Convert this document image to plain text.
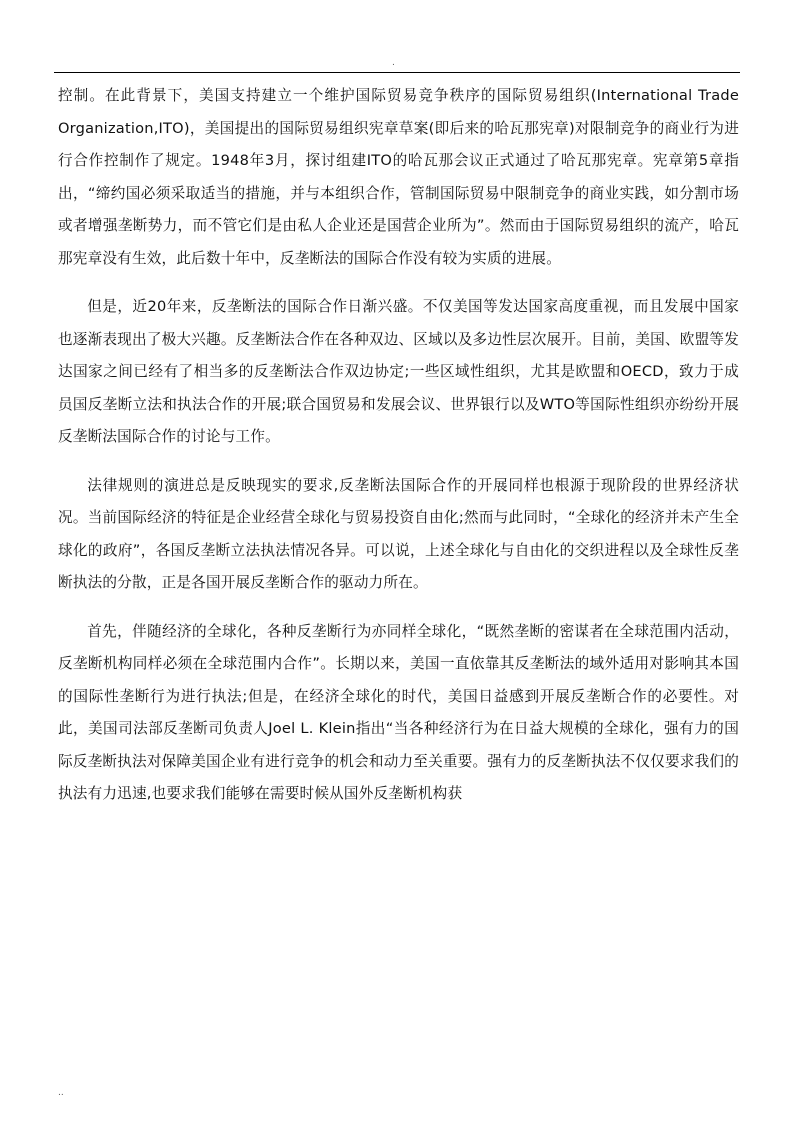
.

控制。在此背景下，美国支持建立一个维护国际贸易竞争秩序的国际贸易组织(International Trade Organization,ITO)，美国提出的国际贸易组织宪章草案(即后来的哈瓦那宪章)对限制竞争的商业行为进行合作控制作了规定。1948年3月，探讨组建ITO的哈瓦那会议正式通过了哈瓦那宪章。宪章第5章指出，“缔约国必须采取适当的措施，并与本组织合作，管制国际贸易中限制竞争的商业实践，如分割市场或者增强垄断势力，而不管它们是由私人企业还是国营企业所为”。然而由于国际贸易组织的流产，哈瓦那宪章没有生效，此后数十年中，反垄断法的国际合作没有较为实质的进展。

但是，近20年来，反垄断法的国际合作日渐兴盛。不仅美国等发达国家高度重视，而且发展中国家也逐渐表现出了极大兴趣。反垄断法合作在各种双边、区域以及多边性层次展开。目前，美国、欧盟等发达国家之间已经有了相当多的反垄断法合作双边协定;一些区域性组织，尤其是欧盟和OECD，致力于成员国反垄断立法和执法合作的开展;联合国贸易和发展会议、世界银行以及WTO等国际性组织亦纷纷开展反垄断法国际合作的讨论与工作。

法律规则的演进总是反映现实的要求,反垄断法国际合作的开展同样也根源于现阶段的世界经济状况。当前国际经济的特征是企业经营全球化与贸易投资自由化;然而与此同时，“全球化的经济并未产生全球化的政府”，各国反垄断立法执法情况各异。可以说，上述全球化与自由化的交织进程以及全球性反垄断执法的分散，正是各国开展反垄断合作的驱动力所在。

首先，伴随经济的全球化，各种反垄断行为亦同样全球化，“既然垄断的密谋者在全球范围内活动，反垄断机构同样必须在全球范围内合作”。长期以来，美国一直依靠其反垄断法的域外适用对影响其本国的国际性垄断行为进行执法;但是，在经济全球化的时代，美国日益感到开展反垄断合作的必要性。对此，美国司法部反垄断司负责人Joel L. Klein指出“当各种经济行为在日益大规模的全球化，强有力的国际反垄断执法对保障美国企业有进行竞争的机会和动力至关重要。强有力的反垄断执法不仅仅要求我们的执法有力迅速,也要求我们能够在需要时候从国外反垄断机构获

..
